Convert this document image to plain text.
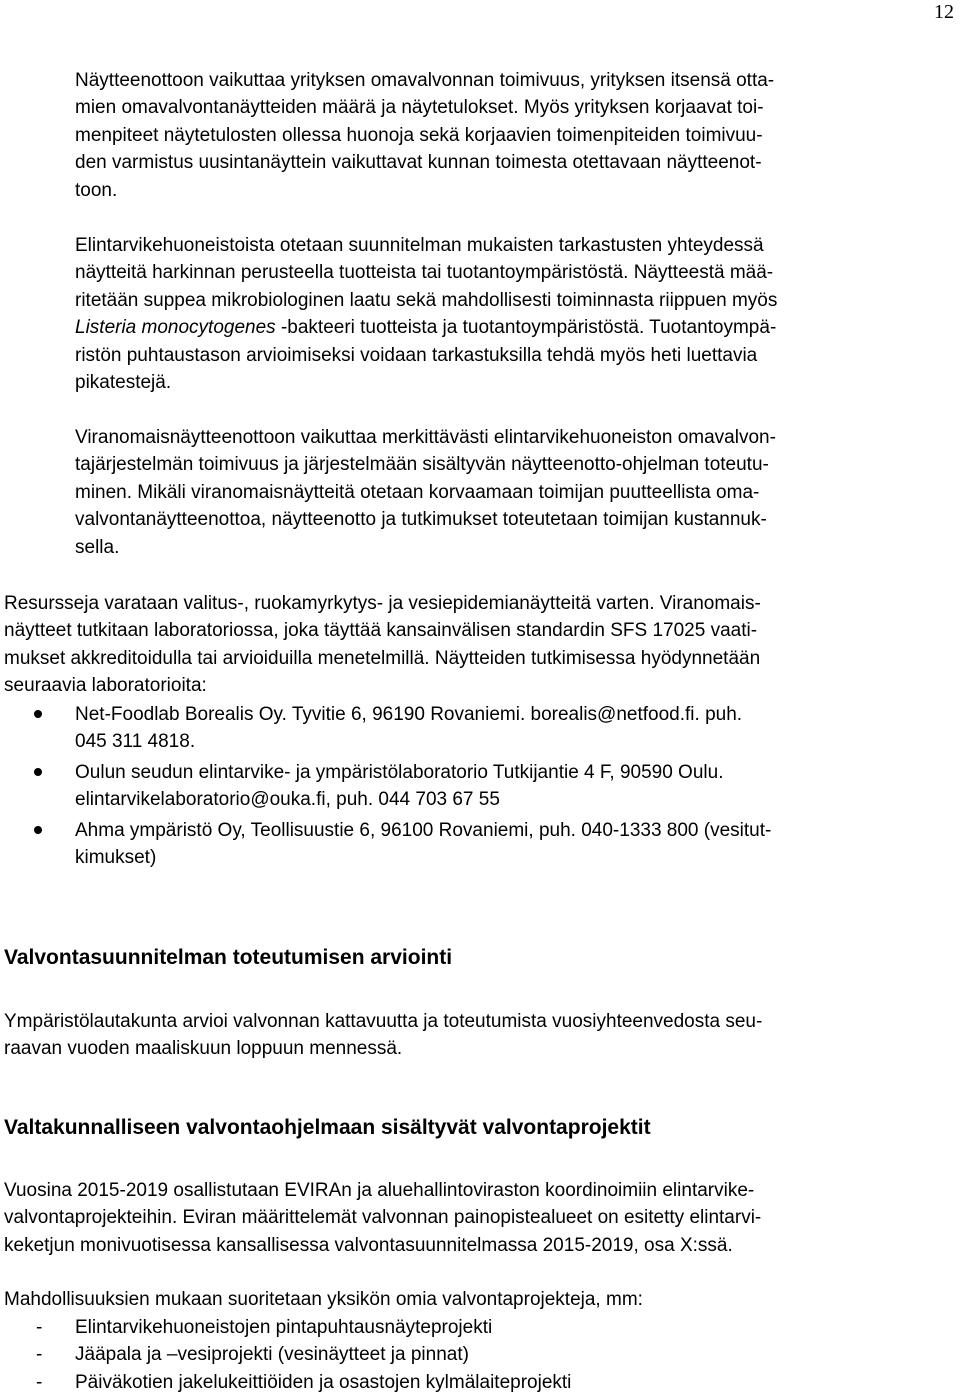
12

Näytteenottoon vaikuttaa yrityksen omavalvonnan toimivuus, yrityksen itsensä otta-
mien omavalvontanäytteiden määrä ja näytetulokset. Myös yrityksen korjaavat toi-
menpiteet näytetulosten ollessa huonoja sekä korjaavien toimenpiteiden toimivuu-
den varmistus uusintanäyttein vaikuttavat kunnan toimesta otettavaan näytteenot-
toon.

Elintarvikehuoneistoista otetaan suunnitelman mukaisten tarkastusten yhteydessä
näytteitä harkinnan perusteella tuotteista tai tuotantoympäristöstä. Näytteestä mää-
ritetään suppea mikrobiologinen laatu sekä mahdollisesti toiminnasta riippuen myös
Listeria monocytogenes -bakteeri tuotteista ja tuotantoympäristöstä. Tuotantoympä-
ristön puhtaustason arvioimiseksi voidaan tarkastuksilla tehdä myös heti luettavia
pikatestejä.

Viranomaisnäytteenottoon vaikuttaa merkittävästi elintarvikehuoneiston omavalvon-
tajärjestelmän toimivuus ja järjestelmään sisältyvän näytteenotto-ohjelman toteutu-
minen. Mikäli viranomaisnäytteitä otetaan korvaamaan toimijan puutteellista oma-
valvontanäytteenottoa, näytteenotto ja tutkimukset toteutetaan toimijan kustannuk-
sella.

Resursseja varataan valitus-, ruokamyrkytys- ja vesiepidemianäytteitä varten. Viranomais-
näytteet tutkitaan laboratoriossa, joka täyttää kansainvälisen standardin SFS 17025 vaati-
mukset akkreditoidulla tai arvioiduilla menetelmillä. Näytteiden tutkimisessa hyödynnetään
seuraavia laboratorioita:

Net-Foodlab Borealis Oy. Tyvitie 6, 96190 Rovaniemi. borealis@netfood.fi. puh.
045 311 4818.
Oulun seudun elintarvike- ja ympäristölaboratorio Tutkijantie 4 F, 90590 Oulu.
elintarvikelaboratorio@ouka.fi, puh. 044 703 67 55
Ahma ympäristö Oy, Teollisuustie 6, 96100 Rovaniemi, puh. 040-1333 800 (vesitut-
kimukset)
Valvontasuunnitelman toteutumisen arviointi

Ympäristölautakunta arvioi valvonnan kattavuutta ja toteutumista vuosiyhteenvedosta seu-
raavan vuoden maaliskuun loppuun mennessä.

Valtakunnalliseen valvontaohjelmaan sisältyvät valvontaprojektit

Vuosina 2015-2019 osallistutaan EVIRAn ja aluehallintoviraston koordinoimiin elintarvike-
valvontaprojekteihin. Eviran määrittelemät valvonnan painopistealueet on esitetty elintarvi-
keketjun monivuotisessa kansallisessa valvontasuunnitelmassa 2015-2019, osa X:ssä.

Mahdollisuuksien mukaan suoritetaan yksikön omia valvontaprojekteja, mm:

- Elintarvikehuoneistojen pintapuhtausnäyteprojekti
- Jääpala ja –vesiprojekti (vesinäytteet ja pinnat)
- Päiväkotien jakelukeittiöiden ja osastojen kylmälaiteprojekti
